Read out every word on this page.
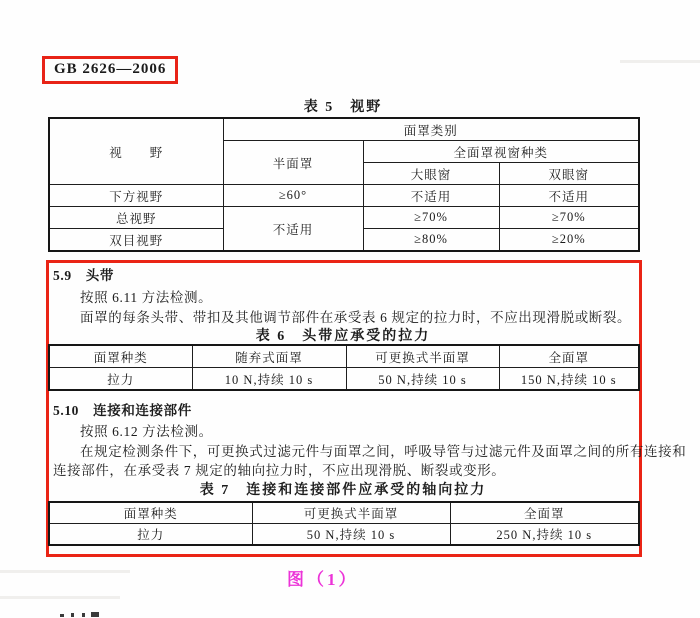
GB 2626—2006
表 5　视野
视　　野	面罩类别		
	半面罩	全面罩视窗种类	
		大眼窗	双眼窗
下方视野	≥60°	不适用	不适用
总视野	不适用	≥70%	≥70%
双目视野		≥80%	≥20%
5.9　头带
按照 6.11 方法检测。
面罩的每条头带、带扣及其他调节部件在承受表 6 规定的拉力时，不应出现滑脱或断裂。
表 6　头带应承受的拉力
面罩种类	随弃式面罩	可更换式半面罩	全面罩
拉力	10 N,持续 10 s	50 N,持续 10 s	150 N,持续 10 s
5.10　连接和连接部件
按照 6.12 方法检测。
在规定检测条件下，可更换式过滤元件与面罩之间，呼吸导管与过滤元件及面罩之间的所有连接和
连接部件，在承受表 7 规定的轴向拉力时，不应出现滑脱、断裂或变形。
表 7　连接和连接部件应承受的轴向拉力
面罩种类	可更换式半面罩	全面罩
拉力	50 N,持续 10 s	250 N,持续 10 s
图（1）
